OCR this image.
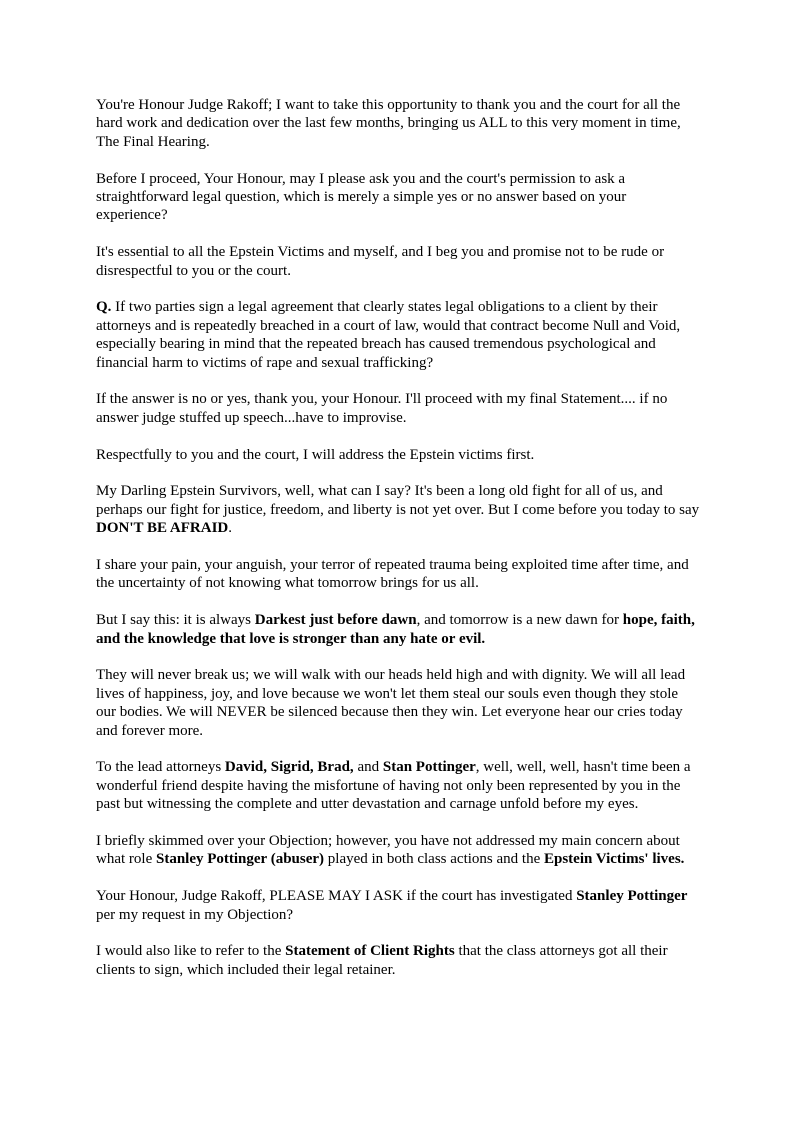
You're Honour Judge Rakoff; I want to take this opportunity to thank you and the court for all the hard work and dedication over the last few months, bringing us ALL to this very moment in time, The Final Hearing.

Before I proceed, Your Honour, may I please ask you and the court's permission to ask a straightforward legal question, which is merely a simple yes or no answer based on your experience?

It's essential to all the Epstein Victims and myself, and I beg you and promise not to be rude or disrespectful to you or the court.

Q. If two parties sign a legal agreement that clearly states legal obligations to a client by their attorneys and is repeatedly breached in a court of law, would that contract become Null and Void, especially bearing in mind that the repeated breach has caused tremendous psychological and financial harm to victims of rape and sexual trafficking?

If the answer is no or yes, thank you, your Honour. I'll proceed with my final Statement.... if no answer judge stuffed up speech...have to improvise.

Respectfully to you and the court, I will address the Epstein victims first.

My Darling Epstein Survivors, well, what can I say? It's been a long old fight for all of us, and perhaps our fight for justice, freedom, and liberty is not yet over. But I come before you today to say DON'T BE AFRAID.

I share your pain, your anguish, your terror of repeated trauma being exploited time after time, and the uncertainty of not knowing what tomorrow brings for us all.

But I say this: it is always Darkest just before dawn, and tomorrow is a new dawn for hope, faith, and the knowledge that love is stronger than any hate or evil.

They will never break us; we will walk with our heads held high and with dignity. We will all lead lives of happiness, joy, and love because we won't let them steal our souls even though they stole our bodies. We will NEVER be silenced because then they win. Let everyone hear our cries today and forever more.

To the lead attorneys David, Sigrid, Brad, and Stan Pottinger, well, well, well, hasn't time been a wonderful friend despite having the misfortune of having not only been represented by you in the past but witnessing the complete and utter devastation and carnage unfold before my eyes.

I briefly skimmed over your Objection; however, you have not addressed my main concern about what role Stanley Pottinger (abuser) played in both class actions and the Epstein Victims' lives.

Your Honour, Judge Rakoff, PLEASE MAY I ASK if the court has investigated Stanley Pottinger per my request in my Objection?

I would also like to refer to the Statement of Client Rights that the class attorneys got all their clients to sign, which included their legal retainer.
